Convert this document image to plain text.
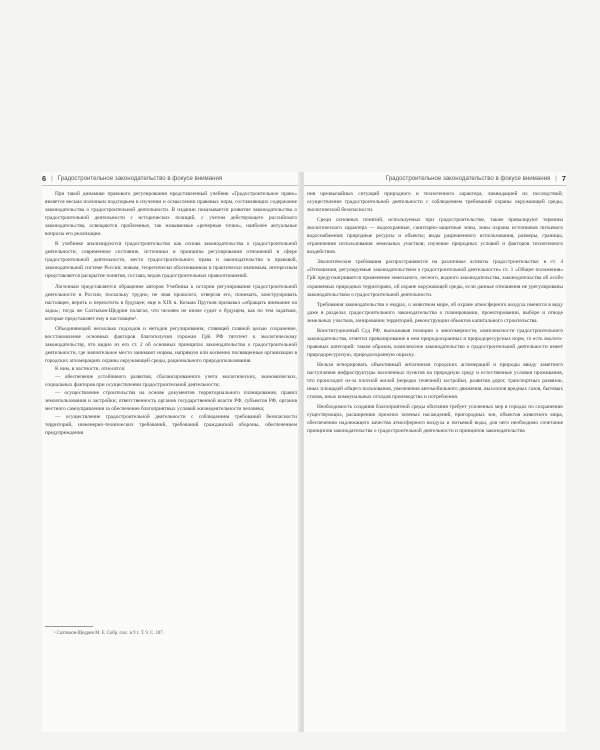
6 | Градостроительное законодательство в фокусе внимания

При такой динамике правового регулирования представленный учебник «Градостроительное право» является весьма полезным подспорьем в изучении и осмыслении правовых норм, составляющих содержание законодательства о градостроительной деятельности. В издании показывается развитие законодательства о градостроительной деятельности с исторических позиций, с учетом действующего российского законодательства, освещаются проблемные, так называемые «реперные точки», наиболее актуальные вопросы его реализации.

В учебнике анализируются градостроительство как основа законодательства о градостроительной деятельности, современное состояние, источники и принципы регулирования отношений в сфере градостроительной деятельности, место градостроительного права и законодательства в правовой, законодательной системе России; новым, теоретически обоснованным и практически значимым, интересным представляется раскрытие понятия, состава, видов градостроительных правоотношений.

Логичным представляется обращение авторов Учебника к истории регулирования градостроительной деятельности в России, поскольку трудно, не зная прошлого, отвергая его, понимать, конструировать настоящее, верить и перехотить в будущее; еще в XIX в. Козьма Прутков призывал «обращать внимание на зады»; тогда же Салтыков-Щедрин полагал, что человек не иначе судит о будущем, как по тем задаткам, которые представляет ему в настоящем¹.

Объединяющей несколько подходов и методов регулирования, ставящей главной целью сохранение, восстановление основных факторов благополучия горожан ГрК РФ тяготеет к экологическому законодательству, что видно из его ст. 2 об основных принципах законодательства о градостроительной деятельности, где значительное место занимают нормы, напрямую или косвенно посвященные организации в городских агломерациях охраны окружающей среды, рационального природопользования.

К ним, в частности, относятся:

— обеспечение устойчивого развития, сбалансированного учета экологических, экономических, социальных факторов при осуществлении градостроительной деятельности;

— осуществление строительства на основе документов территориального планирования, правил землепользования и застройки; ответственность органов государственной власти РФ, субъектов РФ, органов местного самоуправления за обеспечение благоприятных условий жизнедеятельности человека;

— осуществление градостроительной деятельности с соблюдением требований безопасности территорий, инженерно-технических требований, требований гражданской обороны, обеспечением предупреждения

¹ Салтыков-Щедрин М. Е. Собр. соч.: в 9 т. Т. 9. С. 107.
Градостроительное законодательство в фокусе внимания | 7

ния чрезвычайных ситуаций природного и техногенного характера, ликвидацией их последствий; осуществление градостроительной деятельности с соблюдением требований охраны окружающей среды, экологической безопасности.

Среди основных понятий, используемых при градостроительстве, также превалируют термины экологического характера — водоохранные, санитарно-защитные зоны, зоны охраны источников питьевого водоснабжения; природные ресурсы и объекты; виды разрешенного использования, размеры, границы, ограничения использования земельных участков; изучение природных условий и факторов техногенного воздействия.

Экологические требования распространяются на различные аспекты градостроительства: в ст. 4 «Отношения, регулируемые законодательством о градостроительной деятельности» гл. 1 «Общие положения» ГрК предусматривается применение земельного, лесного, водного законодательства, законодательства об особо охраняемых природных территориях, об охране окружающей среды, если данные отношения не урегулированы законодательством о градостроительной деятельности.

Требования законодательства о недрах, о животном мире, об охране атмосферного воздуха имеются в виду даже в разделах градостроительного законодательства о планировании, проектировании, выборе и отводе земельных участков, зонировании территорий, реконструкции объектов капитального строительства.

Конституционный Суд РФ, высказывая позицию о многомерности, комплексности градостроительного законодательства, отметил превалирование в нем природоохранных и природоресурсных норм, то есть эколого-правовых категорий: таким образом, комплексное законодательство о градостроительной деятельности имеет природоресурсную, природоохранную окраску.

Нельзя игнорировать объективный антагонизм городских агломераций и природы ввиду заметного наступления инфраструктуры населенных пунктов на природную среду и естественные условия проживания, что происходит из-за плотной жилой (нередко точечной) застройки, развития дорог, транспортных развязок, иных площадей общего пользования, увеличения автомобильного движения, выхлопов вредных газов, бытовых стоков, иных коммунальных отходов производства и потребления.

Необходимость создания благоприятной среды обитания требует усиленных мер в городах по сохранению существующих, расширению прежних зеленых насаждений, пригородных зон, объектов животного мира, обеспечению надлежащего качества атмосферного воздуха и питьевой воды, для чего необходимо сочетание принципов законодательства о градостроительной деятельности и принципов законодательства
